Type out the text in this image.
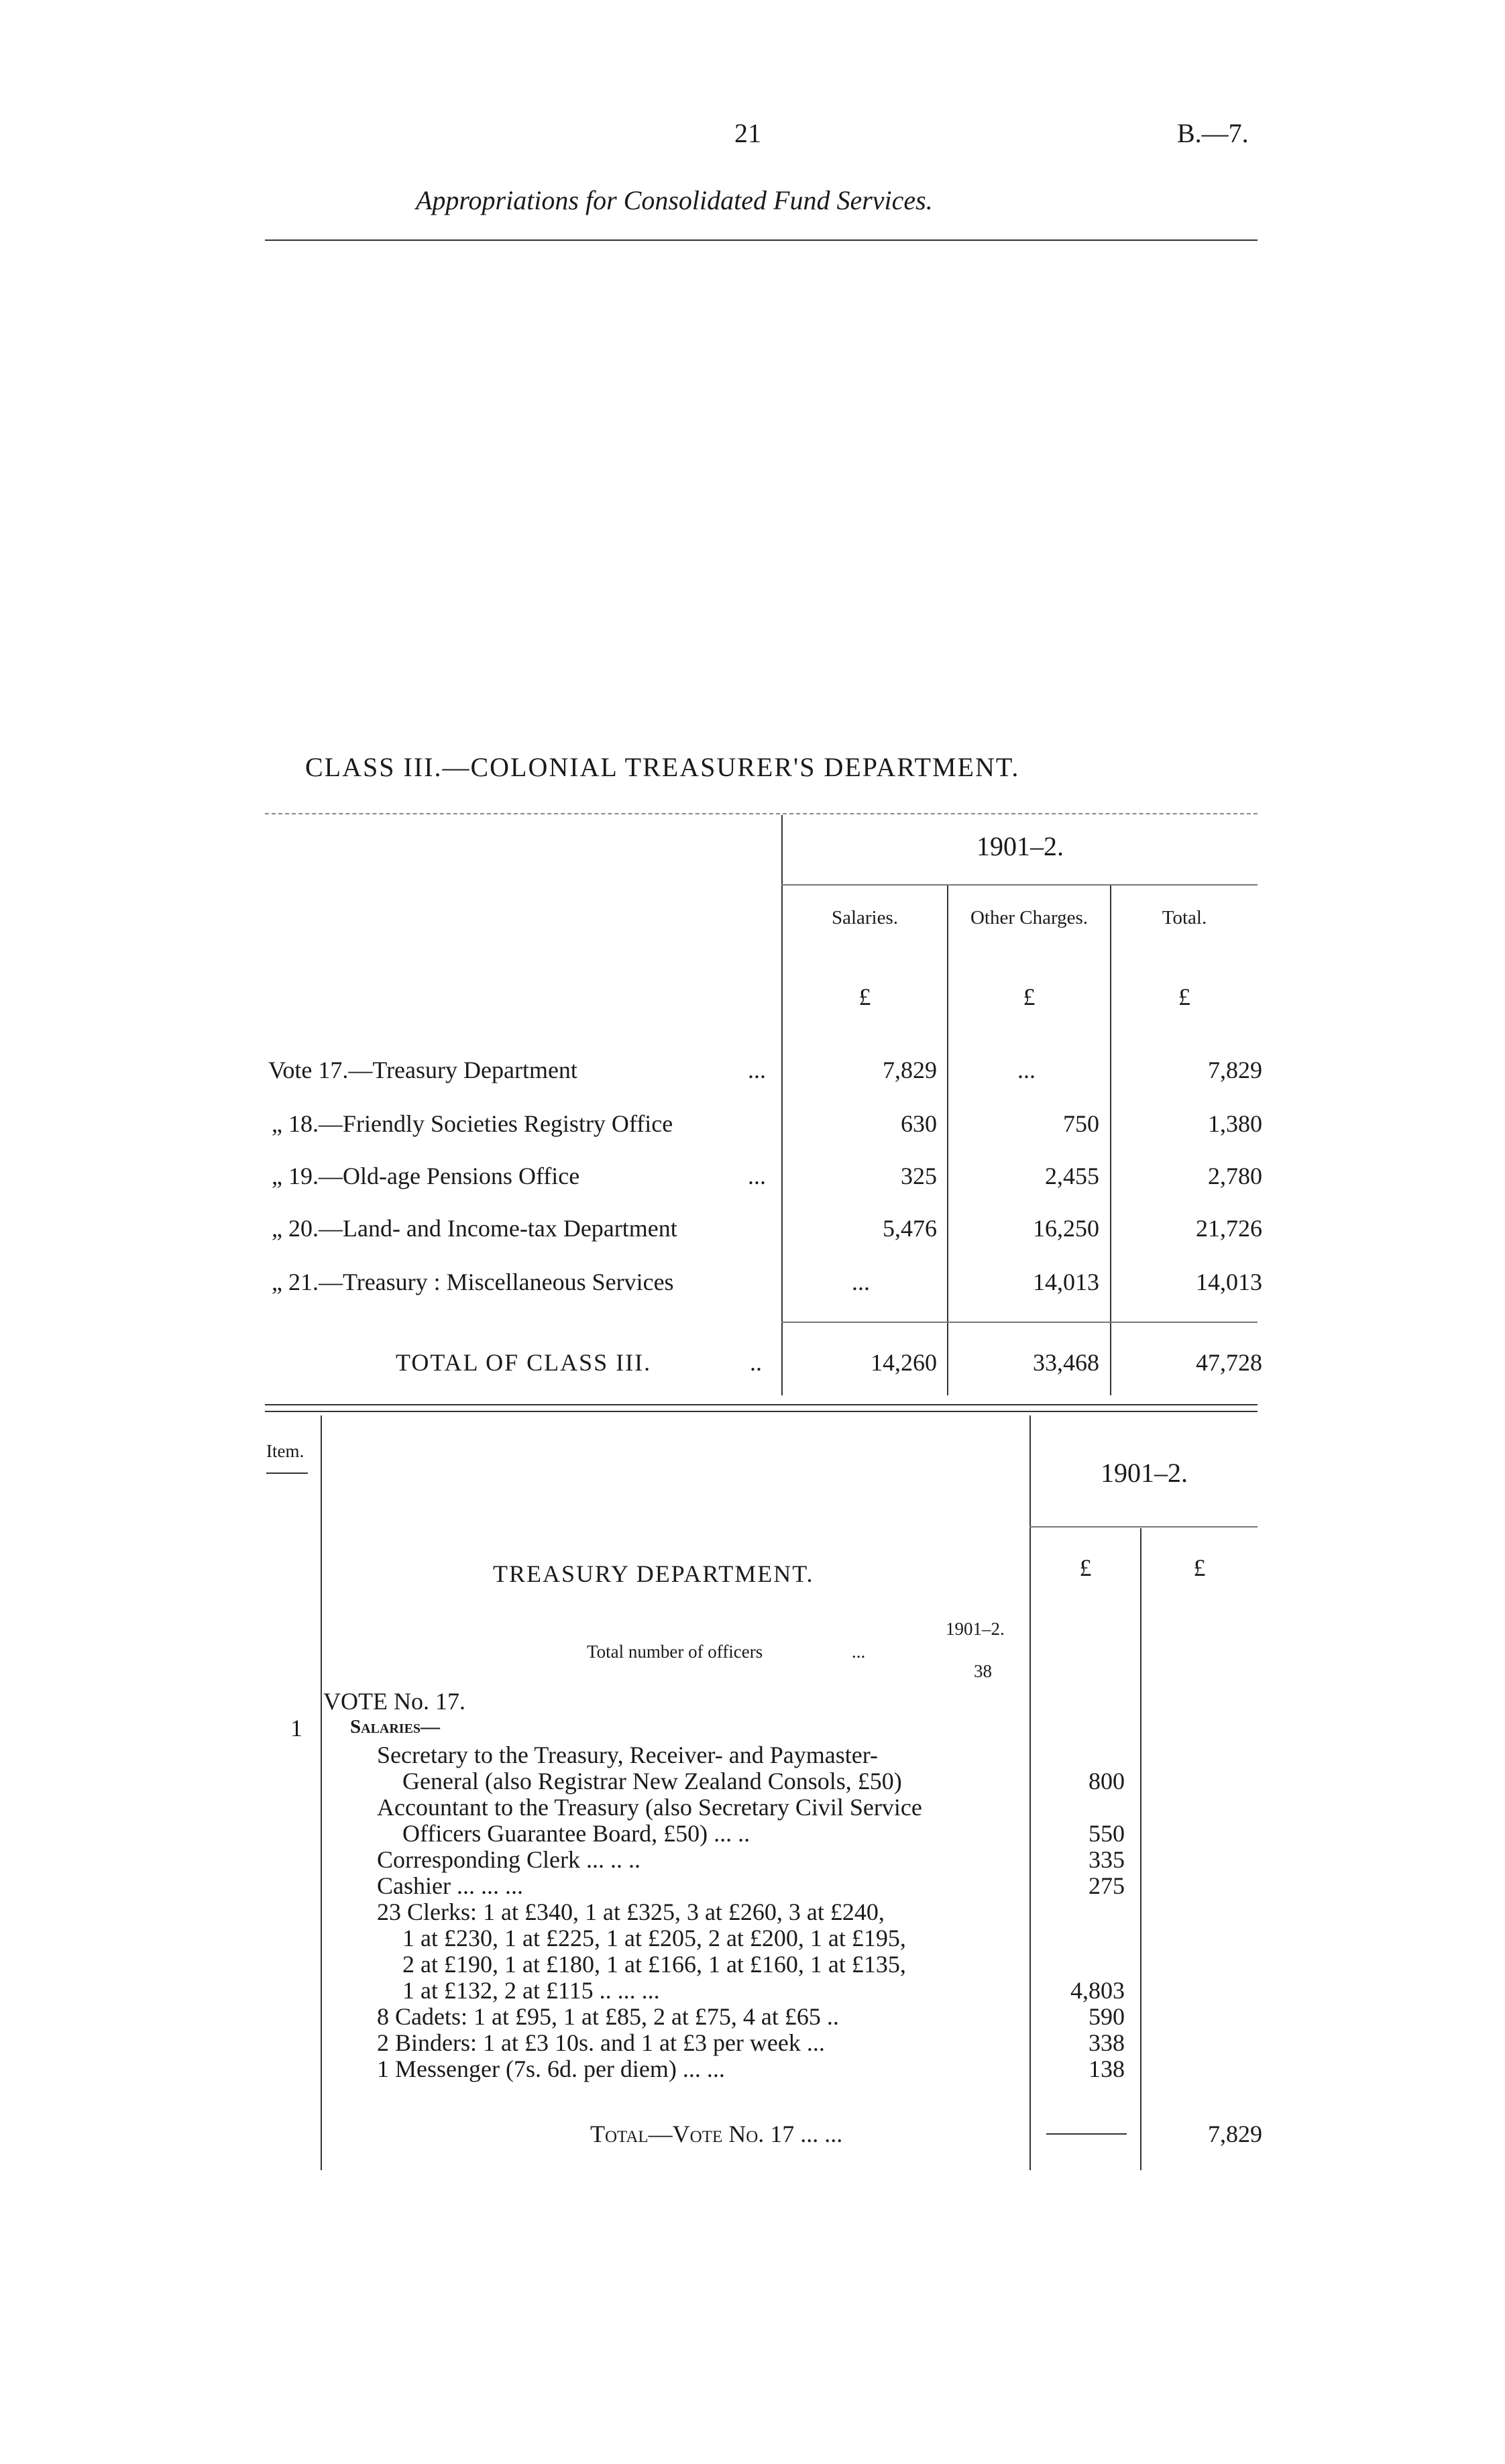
21	B.—7.
Appropriations for Consolidated Fund Services.
CLASS III.—COLONIAL TREASURER'S DEPARTMENT.
1901–2.
Salaries.	Other Charges.	Total.
£	£	£
Vote 17.—Treasury Department	...	7,829	...	7,829
„ 18.—Friendly Societies Registry Office	630	750	1,380
„ 19.—Old-age Pensions Office	...	325	2,455	2,780
„ 20.—Land- and Income-tax Department	5,476	16,250	21,726
„ 21.—Treasury : Miscellaneous Services	...	14,013	14,013
TOTAL OF CLASS III.	..	14,260	33,468	47,728
Item.
1901–2.
£	£
TREASURY DEPARTMENT.
1901–2.
Total number of officers	...
38
VOTE No. 17.
1 Salaries—
Secretary to the Treasury, Receiver- and Paymaster-
General (also Registrar New Zealand Consols, £50)	800
Accountant to the Treasury (also Secretary Civil Service
Officers Guarantee Board, £50) ... ..	550
Corresponding Clerk ... .. ..	335
Cashier ... ... ...	275
23 Clerks: 1 at £340, 1 at £325, 3 at £260, 3 at £240,
1 at £230, 1 at £225, 1 at £205, 2 at £200, 1 at £195,
2 at £190, 1 at £180, 1 at £166, 1 at £160, 1 at £135,
1 at £132, 2 at £115 .. ... ...	4,803
8 Cadets: 1 at £95, 1 at £85, 2 at £75, 4 at £65 ..	590
2 Binders: 1 at £3 10s. and 1 at £3 per week ...	338
1 Messenger (7s. 6d. per diem) ... ...	138
Total—Vote No. 17 ... ...	7,829
